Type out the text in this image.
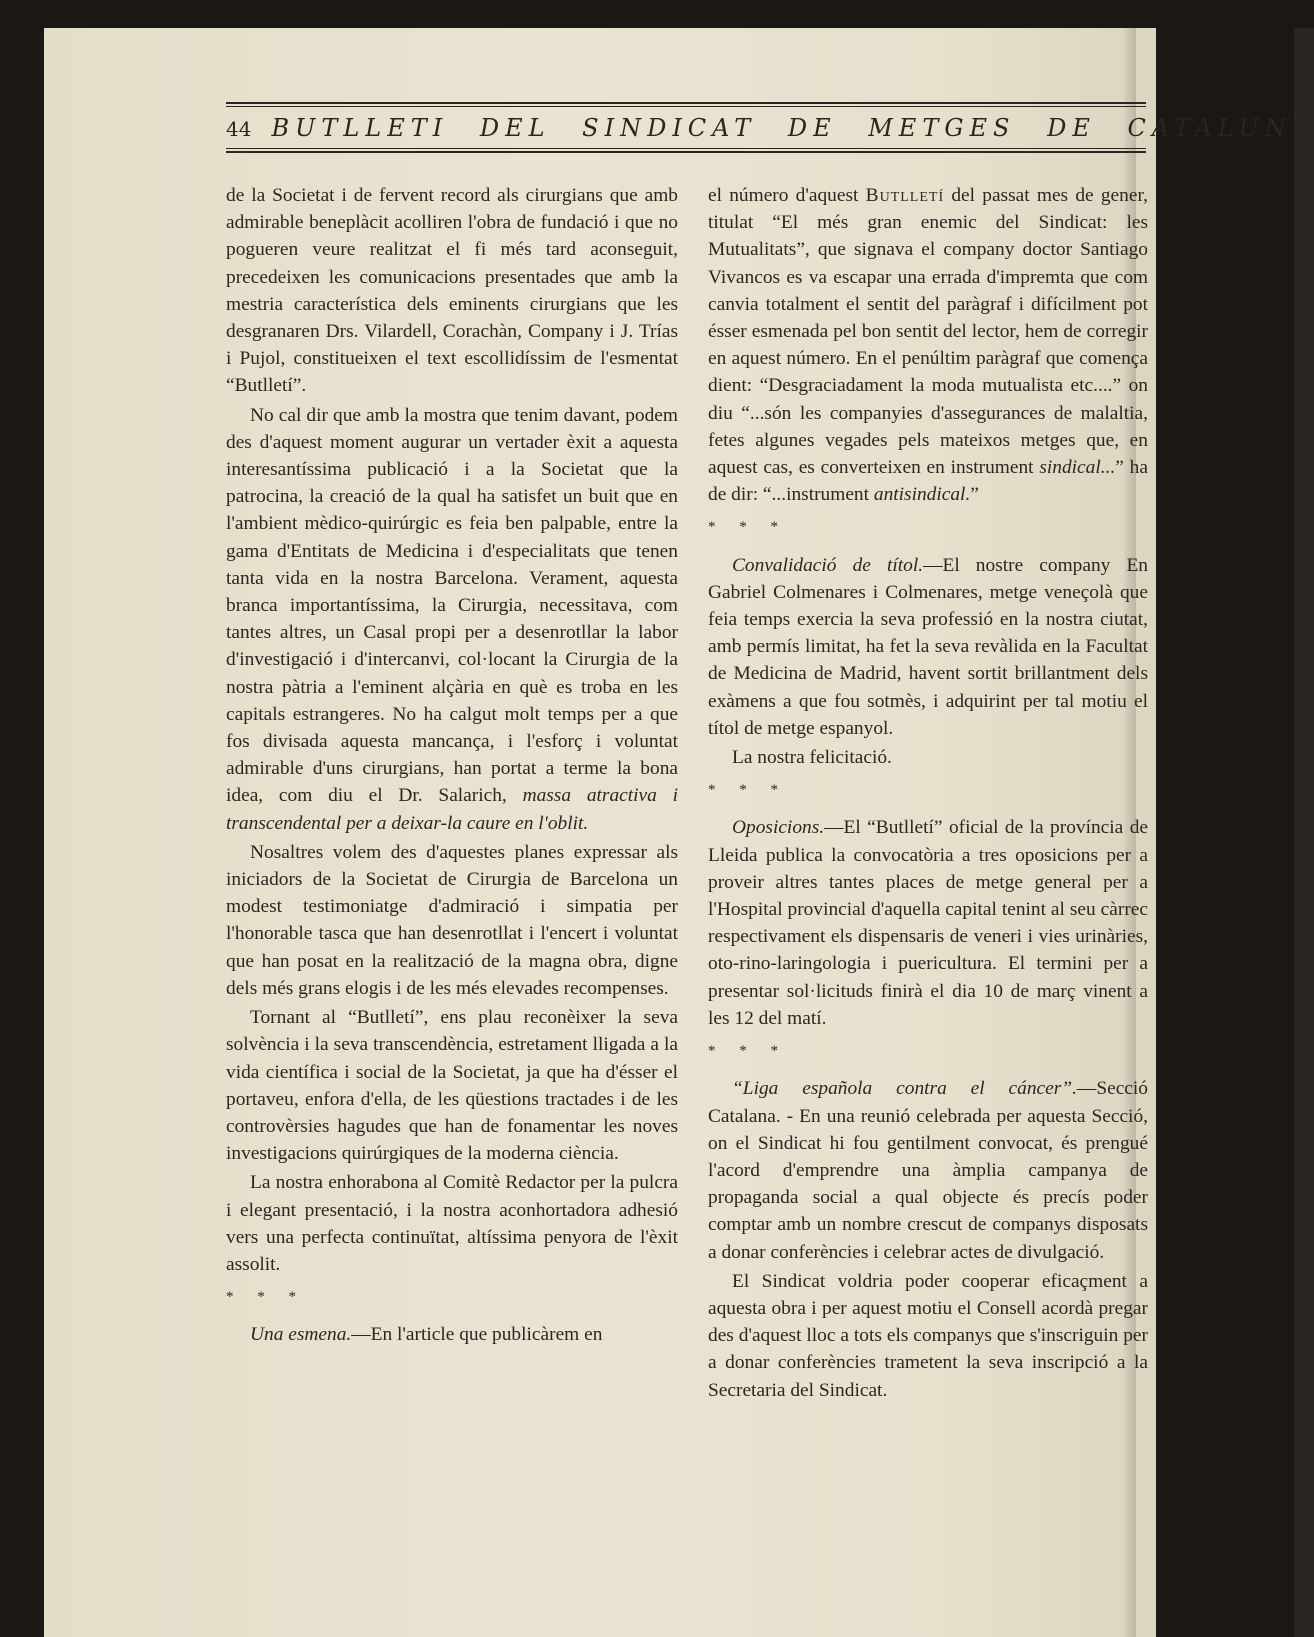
44 BUTLLETI DEL SINDICAT DE METGES DE CATALUNY

de la Societat i de fervent record als cirurgians que amb admirable beneplàcit acolliren l'obra de fundació i que no pogueren veure realitzat el fi més tard aconseguit, precedeixen les comunicacions presentades que amb la mestria característica dels eminents cirurgians que les desgranaren Drs. Vilardell, Corachàn, Company i J. Trías i Pujol, constitueixen el text escollidíssim de l'esmentat “Butlletí”.

No cal dir que amb la mostra que tenim davant, podem des d'aquest moment augurar un vertader èxit a aquesta interesantíssima publicació i a la Societat que la patrocina, la creació de la qual ha satisfet un buit que en l'ambient mèdico-quirúrgic es feia ben palpable, entre la gama d'Entitats de Medicina i d'especialitats que tenen tanta vida en la nostra Barcelona. Verament, aquesta branca importantíssima, la Cirurgia, necessitava, com tantes altres, un Casal propi per a desenrotllar la labor d'investigació i d'intercanvi, col·locant la Cirurgia de la nostra pàtria a l'eminent alçària en què es troba en les capitals estrangeres. No ha calgut molt temps per a que fos divisada aquesta mancança, i l'esforç i voluntat admirable d'uns cirurgians, han portat a terme la bona idea, com diu el Dr. Salarich, massa atractiva i transcendental per a deixar-la caure en l'oblit.

Nosaltres volem des d'aquestes planes expressar als iniciadors de la Societat de Cirurgia de Barcelona un modest testimoniatge d'admiració i simpatia per l'honorable tasca que han desenrotllat i l'encert i voluntat que han posat en la realització de la magna obra, digne dels més grans elogis i de les més elevades recompenses.

Tornant al “Butlletí”, ens plau reconèixer la seva solvència i la seva transcendència, estretament lligada a la vida científica i social de la Societat, ja que ha d'ésser el portaveu, enfora d'ella, de les qüestions tractades i de les controvèrsies hagudes que han de fonamentar les noves investigacions quirúrgiques de la moderna ciència.

La nostra enhorabona al Comitè Redactor per la pulcra i elegant presentació, i la nostra aconhortadora adhesió vers una perfecta continuïtat, altíssima penyora de l'èxit assolit.

* * *

Una esmena.—En l'article que publicàrem en

el número d'aquest Butlletí del passat mes de gener, titulat “El més gran enemic del Sindicat: les Mutualitats”, que signava el company doctor Santiago Vivancos es va escapar una errada d'impremta que com canvia totalment el sentit del paràgraf i difícilment pot ésser esmenada pel bon sentit del lector, hem de corregir en aquest número. En el penúltim paràgraf que comença dient: “Desgraciadament la moda mutualista etc....” on diu “...són les companyies d'assegurances de malaltia, fetes algunes vegades pels mateixos metges que, en aquest cas, es converteixen en instrument sindical...” ha de dir: “...instrument antisindical.”

* * *

Convalidació de títol.—El nostre company En Gabriel Colmenares i Colmenares, metge veneçolà que feia temps exercia la seva professió en la nostra ciutat, amb permís limitat, ha fet la seva revàlida en la Facultat de Medicina de Madrid, havent sortit brillantment dels exàmens a que fou sotmès, i adquirint per tal motiu el títol de metge espanyol.

La nostra felicitació.

* * *

Oposicions.—El “Butlletí” oficial de la província de Lleida publica la convocatòria a tres oposicions per a proveir altres tantes places de metge general per a l'Hospital provincial d'aquella capital tenint al seu càrrec respectivament els dispensaris de veneri i vies urinàries, oto-rino-laringologia i puericultura. El termini per a presentar sol·licituds finirà el dia 10 de març vinent a les 12 del matí.

* * *

“Liga española contra el cáncer”.—Secció Catalana. - En una reunió celebrada per aquesta Secció, on el Sindicat hi fou gentilment convocat, és prengué l'acord d'emprendre una àmplia campanya de propaganda social a qual objecte és precís poder comptar amb un nombre crescut de companys disposats a donar conferències i celebrar actes de divulgació.

El Sindicat voldria poder cooperar eficaçment a aquesta obra i per aquest motiu el Consell acordà pregar des d'aquest lloc a tots els companys que s'inscriguin per a donar conferències trametent la seva inscripció a la Secretaria del Sindicat.
